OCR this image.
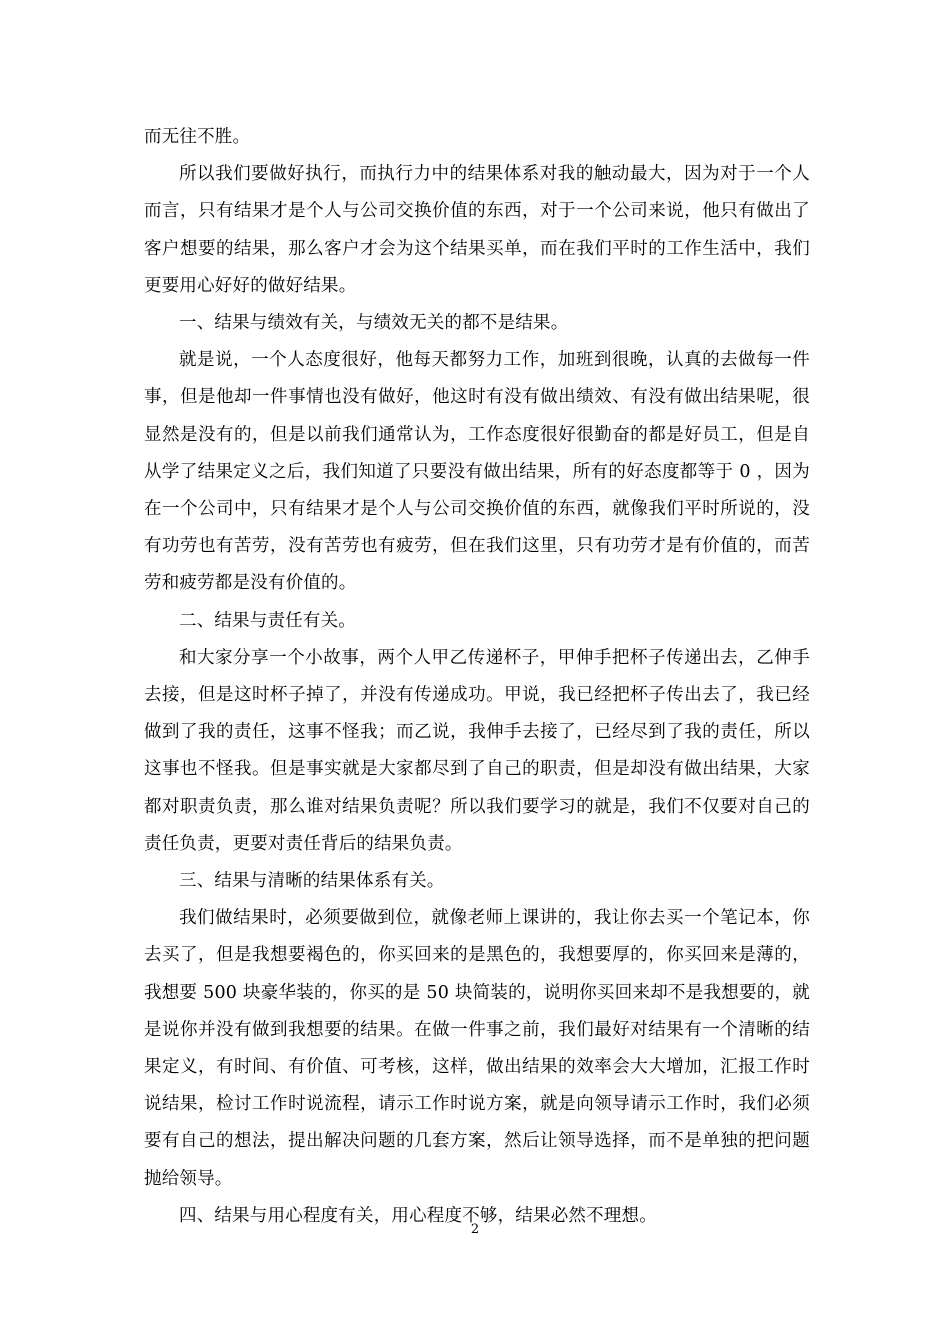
而无往不胜。

所以我们要做好执行，而执行力中的结果体系对我的触动最大，因为对于一个人而言，只有结果才是个人与公司交换价值的东西，对于一个公司来说，他只有做出了客户想要的结果，那么客户才会为这个结果买单，而在我们平时的工作生活中，我们更要用心好好的做好结果。

一、结果与绩效有关，与绩效无关的都不是结果。

就是说，一个人态度很好，他每天都努力工作，加班到很晚，认真的去做每一件事，但是他却一件事情也没有做好，他这时有没有做出绩效、有没有做出结果呢，很显然是没有的，但是以前我们通常认为，工作态度很好很勤奋的都是好员工，但是自从学了结果定义之后，我们知道了只要没有做出结果，所有的好态度都等于 0 ，因为在一个公司中，只有结果才是个人与公司交换价值的东西，就像我们平时所说的，没有功劳也有苦劳，没有苦劳也有疲劳，但在我们这里，只有功劳才是有价值的，而苦劳和疲劳都是没有价值的。

二、结果与责任有关。

和大家分享一个小故事，两个人甲乙传递杯子，甲伸手把杯子传递出去，乙伸手去接，但是这时杯子掉了，并没有传递成功。甲说，我已经把杯子传出去了，我已经做到了我的责任，这事不怪我；而乙说，我伸手去接了，已经尽到了我的责任，所以这事也不怪我。但是事实就是大家都尽到了自己的职责，但是却没有做出结果，大家都对职责负责，那么谁对结果负责呢？所以我们要学习的就是，我们不仅要对自己的责任负责，更要对责任背后的结果负责。

三、结果与清晰的结果体系有关。

我们做结果时，必须要做到位，就像老师上课讲的，我让你去买一个笔记本，你去买了，但是我想要褐色的，你买回来的是黑色的，我想要厚的，你买回来是薄的，我想要 500 块豪华装的，你买的是 50 块简装的，说明你买回来却不是我想要的，就是说你并没有做到我想要的结果。在做一件事之前，我们最好对结果有一个清晰的结果定义，有时间、有价值、可考核，这样，做出结果的效率会大大增加，汇报工作时说结果，检讨工作时说流程，请示工作时说方案，就是向领导请示工作时，我们必须要有自己的想法，提出解决问题的几套方案，然后让领导选择，而不是单独的把问题抛给领导。

四、结果与用心程度有关，用心程度不够，结果必然不理想。

2
